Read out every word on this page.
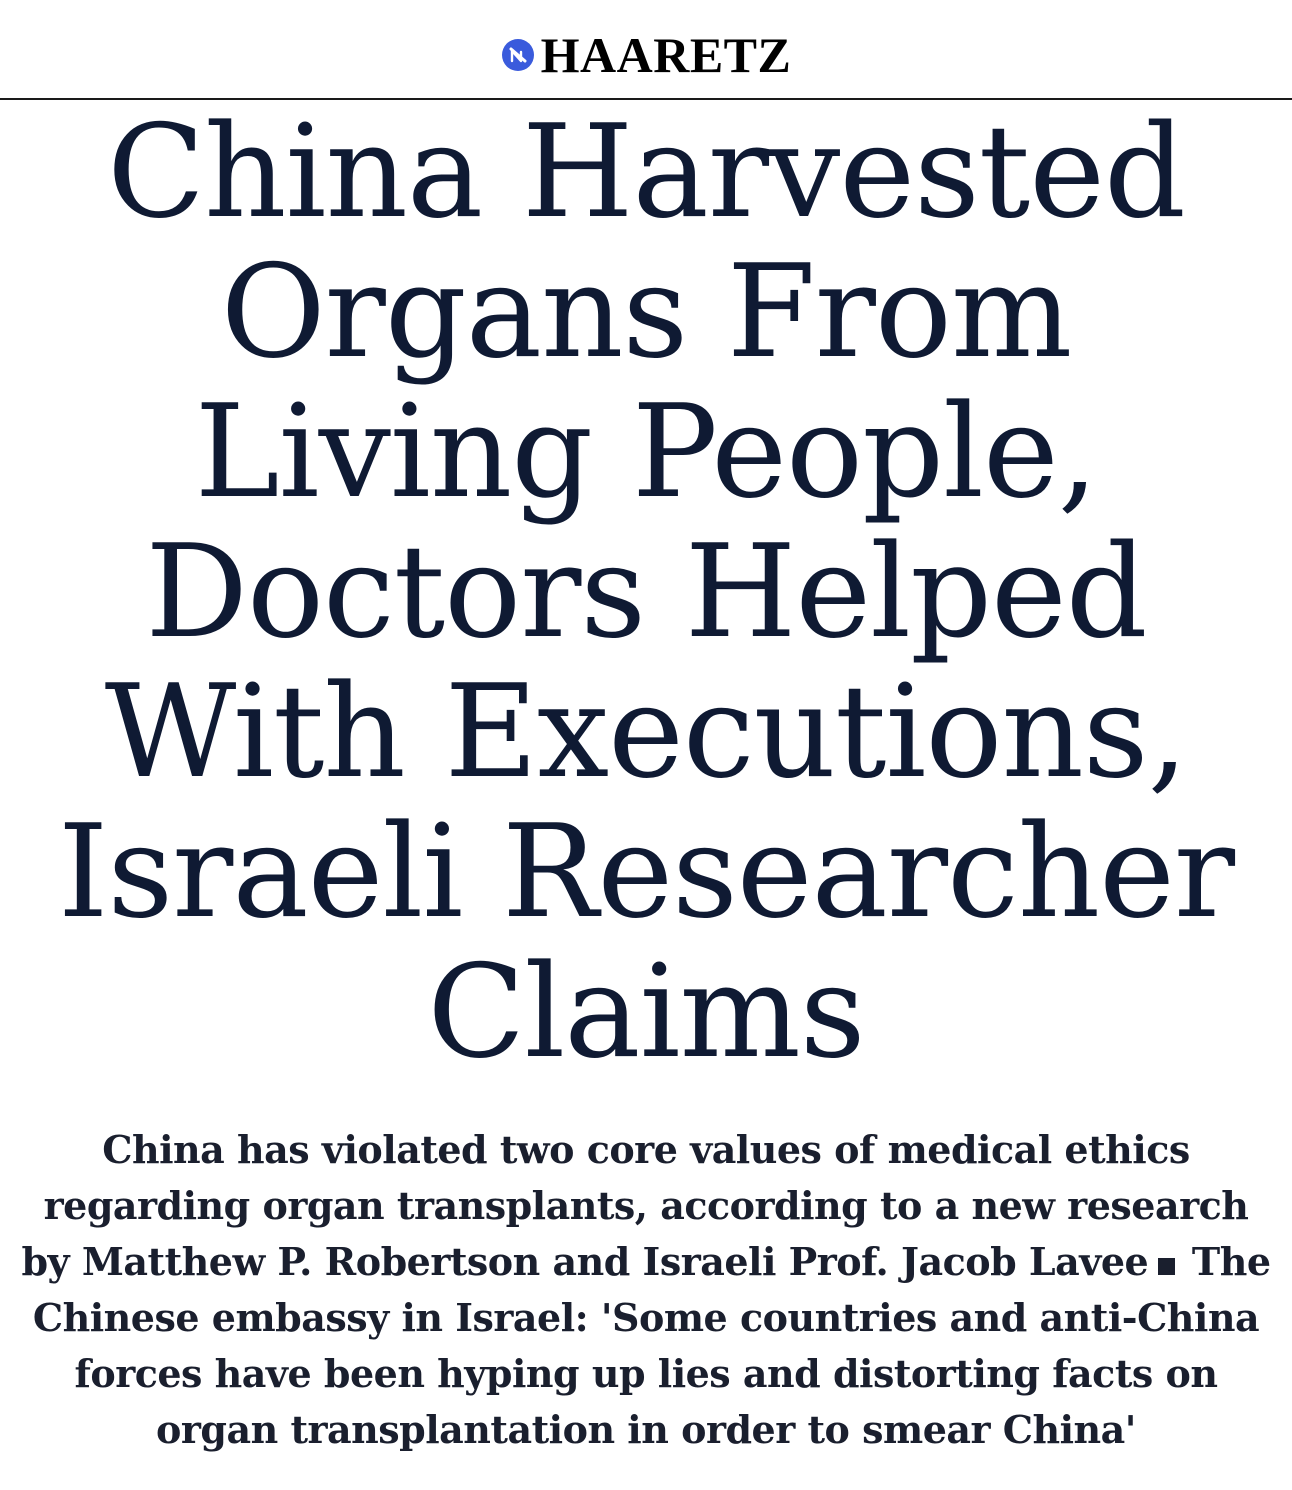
HAARETZ
China Harvested Organs From Living People, Doctors Helped With Executions, Israeli Researcher Claims

China has violated two core values of medical ethics regarding organ transplants, according to a new research by Matthew P. Robertson and Israeli Prof. Jacob Lavee The Chinese embassy in Israel: 'Some countries and anti-China forces have been hyping up lies and distorting facts on organ transplantation in order to smear China'
